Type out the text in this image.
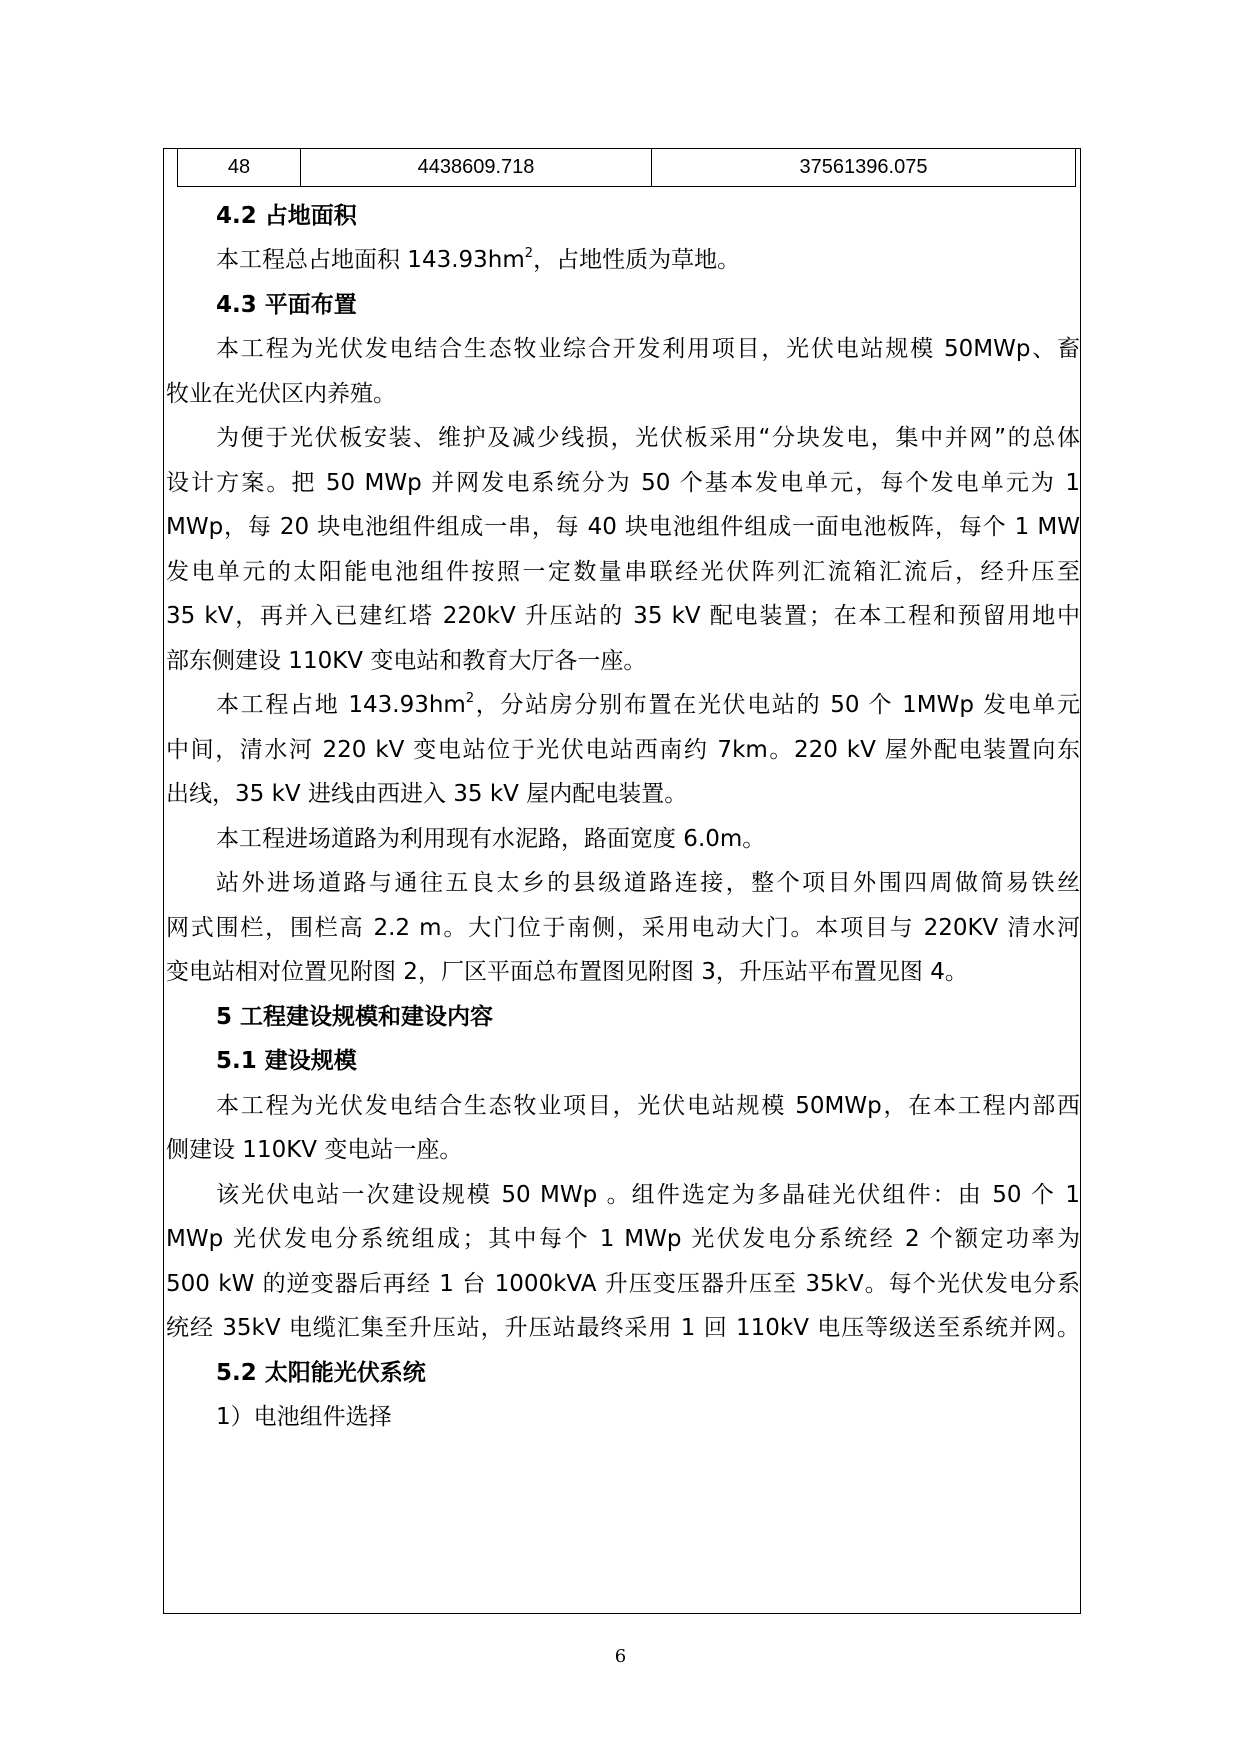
48	4438609.718	37561396.075
4.2 占地面积
本工程总占地面积 $143.93hm^2$，占地性质为草地。
4.3 平面布置
本工程为光伏发电结合生态牧业综合开发利用项目，光伏电站规模 50MWp、畜
牧业在光伏区内养殖。
为便于光伏板安装、维护及减少线损，光伏板采用“分块发电，集中并网”的总体
设计方案。把 50 MWp 并网发电系统分为 50 个基本发电单元，每个发电单元为 1
MWp，每 20 块电池组件组成一串，每 40 块电池组件组成一面电池板阵，每个 1 MW
发电单元的太阳能电池组件按照一定数量串联经光伏阵列汇流箱汇流后，经升压至
35 kV，再并入已建红塔 220kV 升压站的 35 kV 配电装置；在本工程和预留用地中
部东侧建设 110KV 变电站和教育大厅各一座。
本工程占地 $143.93hm^2$，分站房分别布置在光伏电站的 50 个 1MWp 发电单元
中间，清水河 220 kV 变电站位于光伏电站西南约 7km。220 kV 屋外配电装置向东
出线，35 kV 进线由西进入 35 kV 屋内配电装置。
本工程进场道路为利用现有水泥路，路面宽度 6.0m。
站外进场道路与通往五良太乡的县级道路连接，整个项目外围四周做简易铁丝
网式围栏，围栏高 2.2 m。大门位于南侧，采用电动大门。本项目与 220KV 清水河
变电站相对位置见附图 2，厂区平面总布置图见附图 3，升压站平布置见图 4。
5 工程建设规模和建设内容
5.1 建设规模
本工程为光伏发电结合生态牧业项目，光伏电站规模 50MWp，在本工程内部西
侧建设 110KV 变电站一座。
该光伏电站一次建设规模 50 MWp 。组件选定为多晶硅光伏组件：由 50 个 1
MWp 光伏发电分系统组成；其中每个 1 MWp 光伏发电分系统经 2 个额定功率为
500 kW 的逆变器后再经 1 台 1000kVA 升压变压器升压至 35kV。每个光伏发电分系
统经 35kV 电缆汇集至升压站，升压站最终采用 1 回 110kV 电压等级送至系统并网。
5.2 太阳能光伏系统
1）电池组件选择
6
